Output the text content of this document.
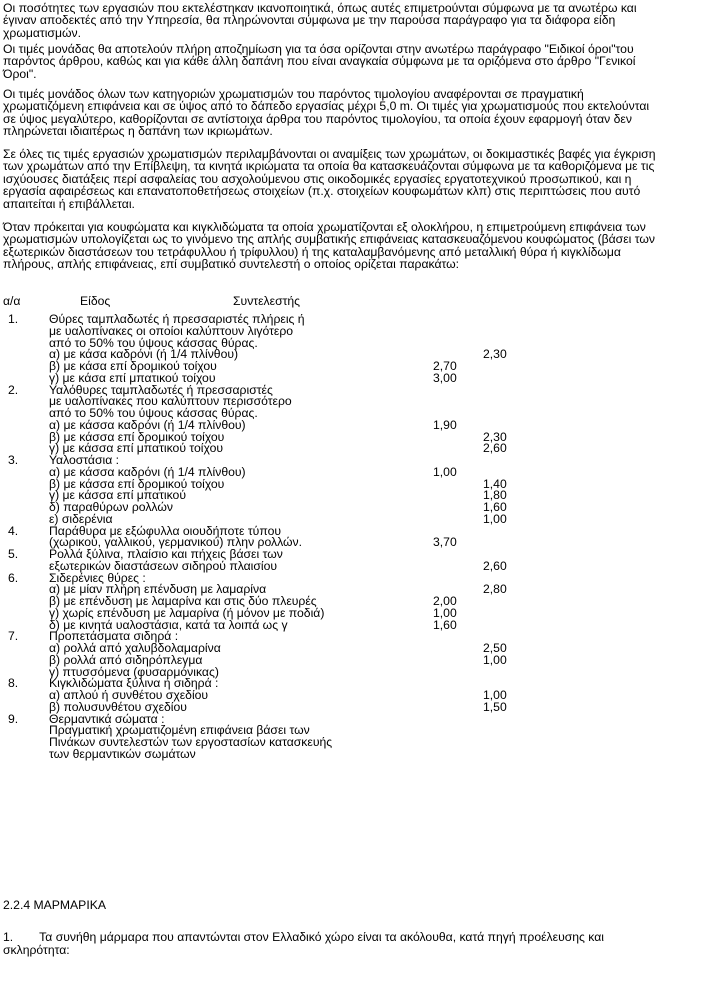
Οι ποσότητες των εργασιών που εκτελέστηκαν ικανοποιητικά, όπως αυτές επιμετρούνται σύμφωνα με τα ανωτέρω και
έγιναν αποδεκτές από την Υπηρεσία, θα πληρώνονται σύμφωνα με την παρούσα παράγραφο για τα διάφορα είδη
χρωματισμών.
Οι τιμές μονάδας θα αποτελούν πλήρη αποζημίωση για τα όσα ορίζονται στην ανωτέρω παράγραφο "Ειδικοί όροι"του
παρόντος άρθρου, καθώς και για κάθε άλλη δαπάνη που είναι αναγκαία σύμφωνα με τα οριζόμενα στο άρθρο "Γενικοί
Όροι".
Οι τιμές μονάδος όλων των κατηγοριών χρωματισμών του παρόντος τιμολογίου αναφέρονται σε πραγματική
χρωματιζόμενη επιφάνεια και σε ύψος από το δάπεδο εργασίας μέχρι 5,0 m. Οι τιμές για χρωματισμούς που εκτελούνται
σε ύψος μεγαλύτερο, καθορίζονται σε αντίστοιχα άρθρα του παρόντος τιμολογίου, τα οποία έχουν εφαρμογή όταν δεν
πληρώνεται ιδιαιτέρως η δαπάνη των ικριωμάτων.
Σε όλες τις τιμές εργασιών χρωματισμών περιλαμβάνονται οι αναμίξεις των χρωμάτων, οι δοκιμαστικές βαφές για έγκριση
των χρωμάτων από την Επίβλεψη, τα κινητά ικριώματα τα οποία θα κατασκευάζονται σύμφωνα με τα καθοριζόμενα με τις
ισχύουσες διατάξεις περί ασφαλείας του ασχολούμενου στις οικοδομικές εργασίες εργατοτεχνικού προσωπικού, και η
εργασία αφαιρέσεως και επανατοποθετήσεως στοιχείων (π.χ. στοιχείων κουφωμάτων κλπ) στις περιπτώσεις που αυτό
απαιτείται ή επιβάλλεται.
Όταν πρόκειται για κουφώματα και κιγκλιδώματα τα οποία χρωματίζονται εξ ολοκλήρου, η επιμετρούμενη επιφάνεια των
χρωματισμών υπολογίζεται ως το γινόμενο της απλής συμβατικής επιφάνειας κατασκευαζόμενου κουφώματος (βάσει των
εξωτερικών διαστάσεων του τετράφυλλου ή τρίφυλλου) ή της καταλαμβανόμενης από μεταλλική θύρα ή κιγκλίδωμα
πλήρους, απλής επιφάνειας, επί συμβατικό συντελεστή ο οποίος ορίζεται παρακάτω:
α/α	Είδος	Συντελεστής
1.	Θύρες ταμπλαδωτές ή πρεσσαριστές πλήρεις ή
με υαλοπίνακες οι οποίοι καλύπτουν λιγότερο
από το 50% του ύψους κάσσας θύρας.
α) με κάσα καδρόνι (ή 1/4 πλίνθου)	2,30
β) με κάσα επί δρομικού τοίχου	2,70
γ) με κάσα επί μπατικού τοίχου	3,00
2.	Υαλόθυρες ταμπλαδωτές ή πρεσσαριστές
με υαλοπίνακες που καλύπτουν περισσότερο
από το 50% του ύψους κάσσας θύρας.
α) με κάσσα καδρόνι (ή 1/4 πλίνθου)	1,90
β) με κάσσα επί δρομικού τοίχου	2,30
γ) με κάσσα επί μπατικού τοίχου	2,60
3.	Υαλοστάσια :
α) με κάσσα καδρόνι (ή 1/4 πλίνθου)	1,00
β) με κάσσα επί δρομικού τοίχου	1,40
γ) με κάσσα επί μπατικού	1,80
δ) παραθύρων ρολλών	1,60
ε) σιδερένια	1,00
4.	Παράθυρα με εξώφυλλα οιουδήποτε τύπου
(χωρικού, γαλλικού, γερμανικού) πλην ρολλών.	3,70
5.	Ρολλά ξύλινα, πλαίσιο και πήχεις βάσει των
εξωτερικών διαστάσεων σιδηρού πλαισίου	2,60
6.	Σιδερένιες θύρες :
α) με μίαν πλήρη επένδυση με λαμαρίνα	2,80
β) με επένδυση με λαμαρίνα και στις δύο πλευρές	2,00
γ) χωρίς επένδυση με λαμαρίνα (ή μόνον με ποδιά)	1,00
δ) με κινητά υαλοστάσια, κατά τα λοιπά ως γ	1,60
7.	Προπετάσματα σιδηρά :
α) ρολλά από χαλυβδολαμαρίνα	2,50
β) ρολλά από σιδηρόπλεγμα	1,00
γ) πτυσσόμενα (φυσαρμόνικας)
8.	Κιγκλιδώματα ξύλινα ή σιδηρά :
α) απλού ή συνθέτου σχεδίου	1,00
β) πολυσυνθέτου σχεδίου	1,50
9.	Θερμαντικά σώματα :
Πραγματική χρωματιζομένη επιφάνεια βάσει των
Πινάκων συντελεστών των εργοστασίων κατασκευής
των θερμαντικών σωμάτων
2.2.4 ΜΑΡΜΑΡΙΚΑ
1. Τα συνήθη μάρμαρα που απαντώνται στον Ελλαδικό χώρο είναι τα ακόλουθα, κατά πηγή προέλευσης και
σκληρότητα:
